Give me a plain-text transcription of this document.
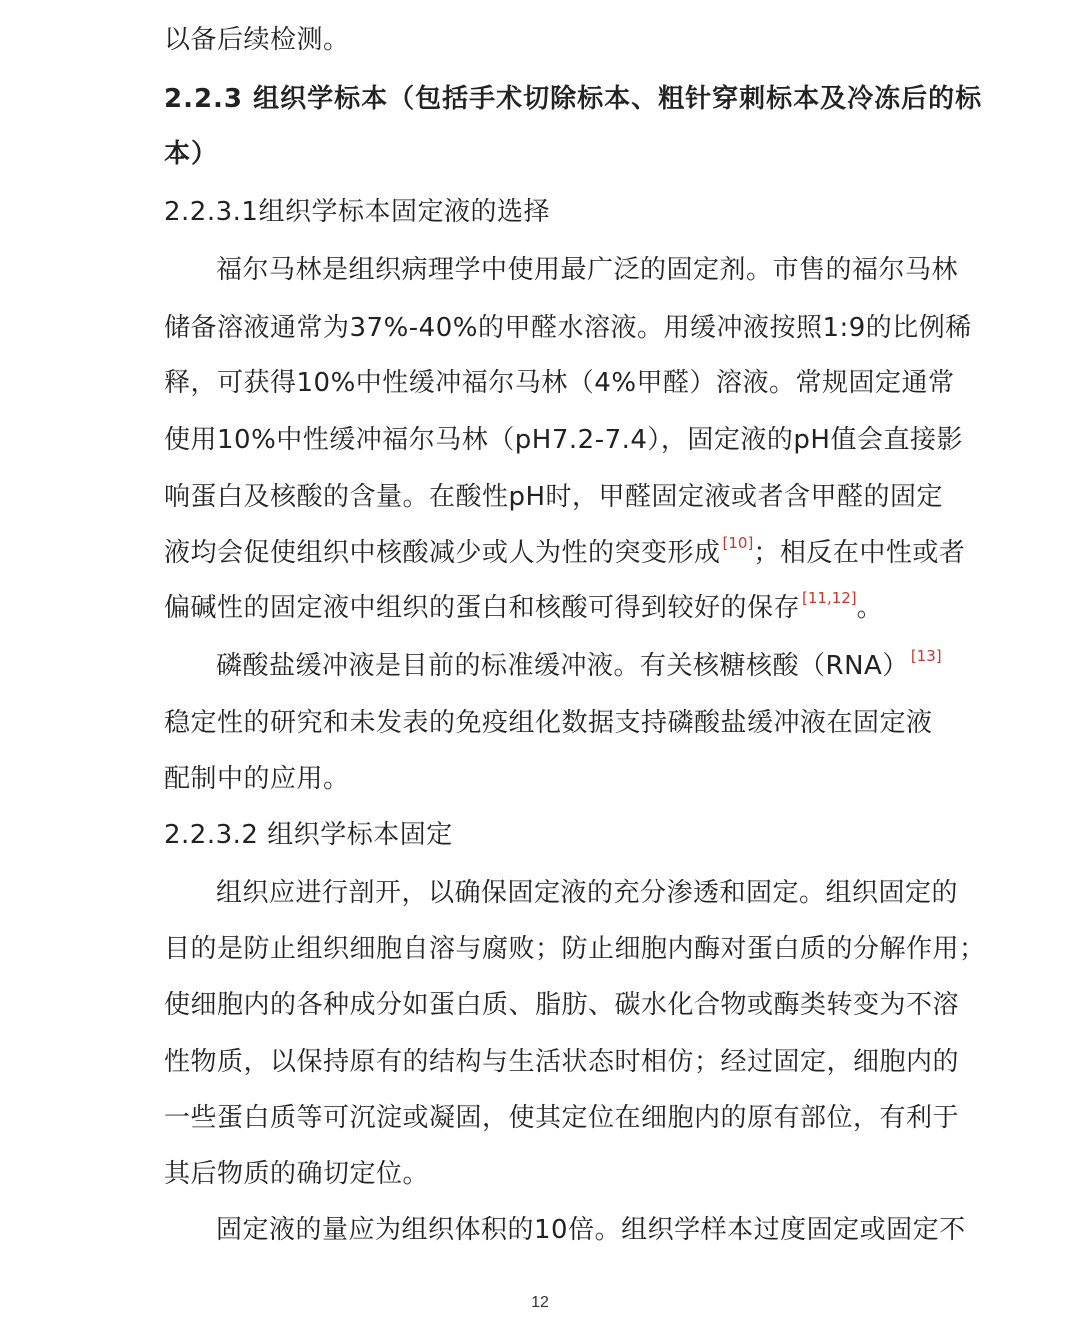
以备后续检测。
2.2.3 组织学标本（包括手术切除标本、粗针穿刺标本及冷冻后的标
本）
2.2.3.1组织学标本固定液的选择
福尔马林是组织病理学中使用最广泛的固定剂。市售的福尔马林
储备溶液通常为37%-40%的甲醛水溶液。用缓冲液按照1:9的比例稀
释，可获得10%中性缓冲福尔马林（4%甲醛）溶液。常规固定通常
使用10%中性缓冲福尔马林（pH7.2-7.4），固定液的pH值会直接影
响蛋白及核酸的含量。在酸性pH时，甲醛固定液或者含甲醛的固定
液均会促使组织中核酸减少或人为性的突变形成 [10]；相反在中性或者
偏碱性的固定液中组织的蛋白和核酸可得到较好的保存 [11,12]。
磷酸盐缓冲液是目前的标准缓冲液。有关核糖核酸（RNA） [13]
稳定性的研究和未发表的免疫组化数据支持磷酸盐缓冲液在固定液
配制中的应用。
2.2.3.2 组织学标本固定
组织应进行剖开，以确保固定液的充分渗透和固定。组织固定的
目的是防止组织细胞自溶与腐败；防止细胞内酶对蛋白质的分解作用；
使细胞内的各种成分如蛋白质、脂肪、碳水化合物或酶类转变为不溶
性物质，以保持原有的结构与生活状态时相仿；经过固定，细胞内的
一些蛋白质等可沉淀或凝固，使其定位在细胞内的原有部位，有利于
其后物质的确切定位。
固定液的量应为组织体积的10倍。组织学样本过度固定或固定不
12
